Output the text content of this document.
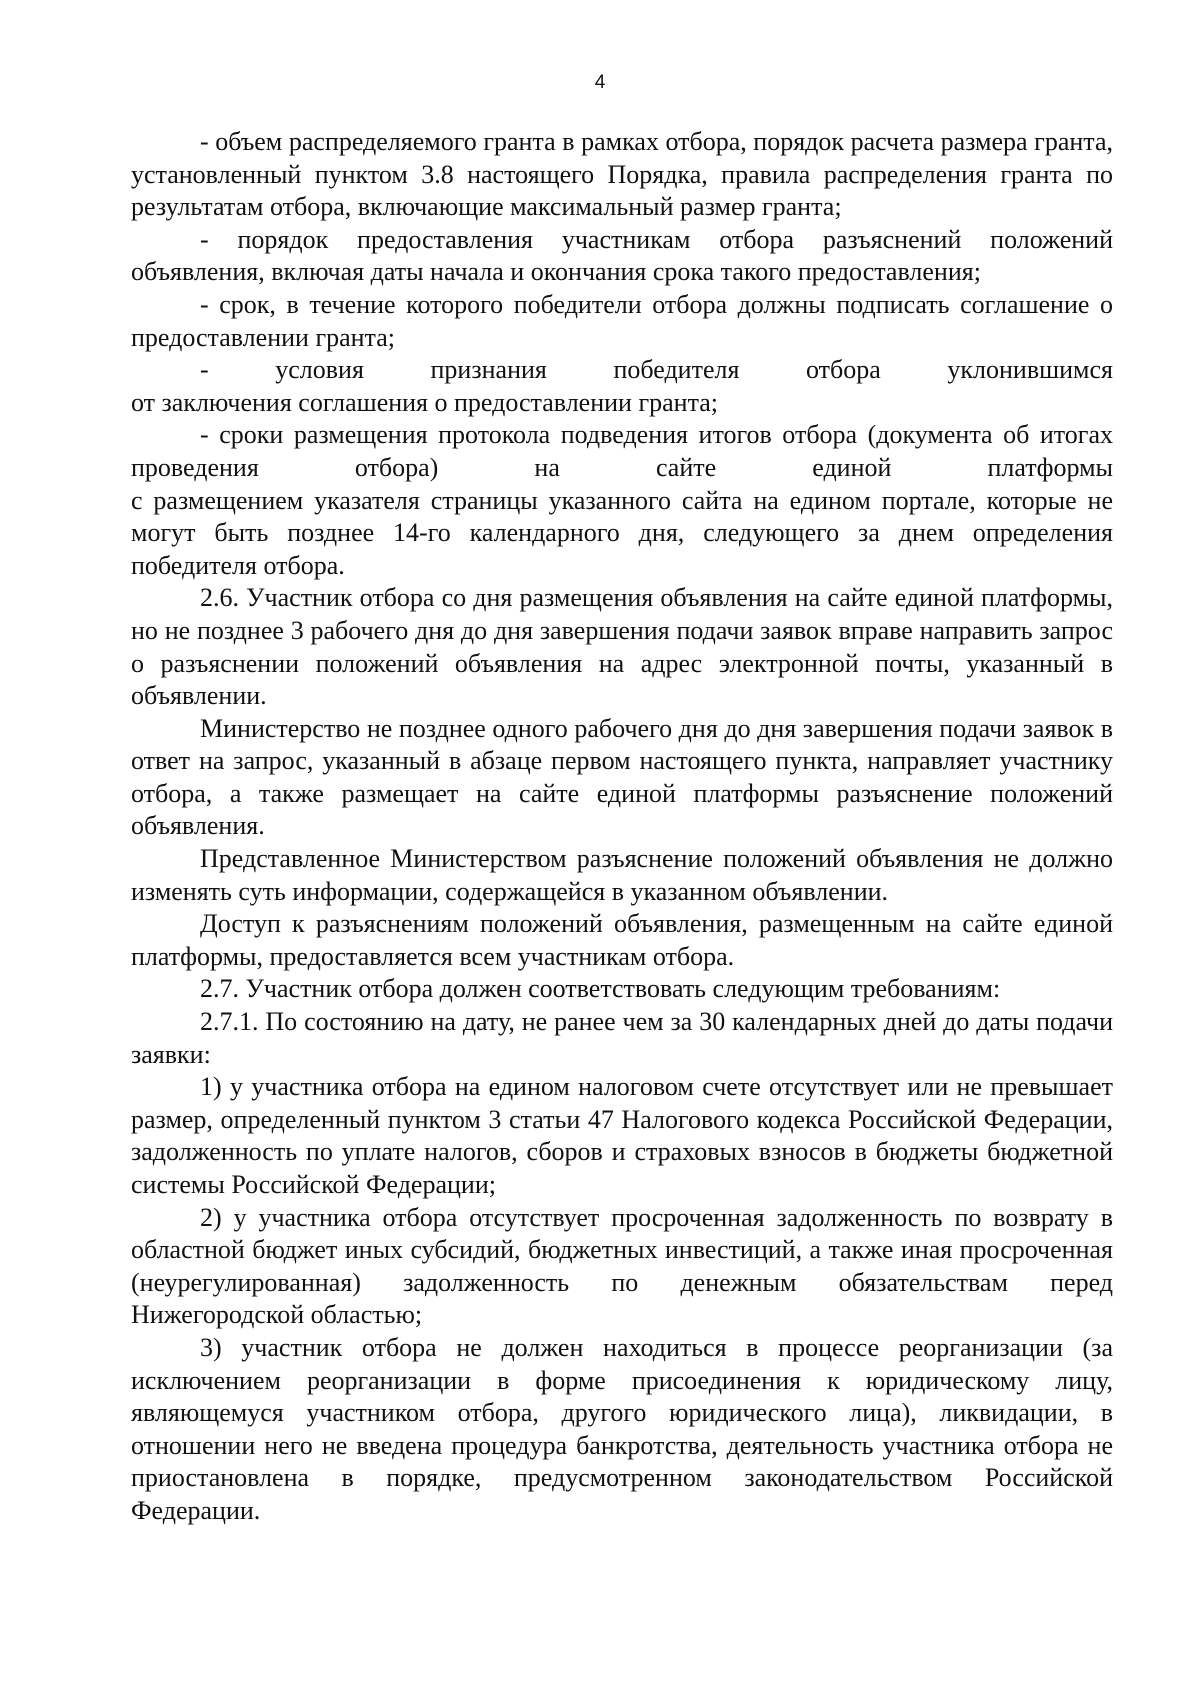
4

- объем распределяемого гранта в рамках отбора, порядок расчета размера гранта, установленный пунктом 3.8 настоящего Порядка, правила распределения гранта по результатам отбора, включающие максимальный размер гранта;

- порядок предоставления участникам отбора разъяснений положений объявления, включая даты начала и окончания срока такого предоставления;

- срок, в течение которого победители отбора должны подписать соглашение о предоставлении гранта;

- условия признания победителя отбора уклонившимся

от заключения соглашения о предоставлении гранта;

- сроки размещения протокола подведения итогов отбора (документа об итогах проведения отбора) на сайте единой платформы

с размещением указателя страницы указанного сайта на едином портале, которые не могут быть позднее 14-го календарного дня, следующего за днем определения победителя отбора.

2.6. Участник отбора со дня размещения объявления на сайте единой платформы, но не позднее 3 рабочего дня до дня завершения подачи заявок вправе направить запрос о разъяснении положений объявления на адрес электронной почты, указанный в объявлении.

Министерство не позднее одного рабочего дня до дня завершения подачи заявок в ответ на запрос, указанный в абзаце первом настоящего пункта, направляет участнику отбора, а также размещает на сайте единой платформы разъяснение положений объявления.

Представленное Министерством разъяснение положений объявления не должно изменять суть информации, содержащейся в указанном объявлении.

Доступ к разъяснениям положений объявления, размещенным на сайте единой платформы, предоставляется всем участникам отбора.

2.7. Участник отбора должен соответствовать следующим требованиям:

2.7.1. По состоянию на дату, не ранее чем за 30 календарных дней до даты подачи заявки:

1) у участника отбора на едином налоговом счете отсутствует или не превышает размер, определенный пунктом 3 статьи 47 Налогового кодекса Российской Федерации, задолженность по уплате налогов, сборов и страховых взносов в бюджеты бюджетной системы Российской Федерации;

2) у участника отбора отсутствует просроченная задолженность по возврату в областной бюджет иных субсидий, бюджетных инвестиций, а также иная просроченная (неурегулированная) задолженность по денежным обязательствам перед Нижегородской областью;

3) участник отбора не должен находиться в процессе реорганизации (за исключением реорганизации в форме присоединения к юридическому лицу, являющемуся участником отбора, другого юридического лица), ликвидации, в отношении него не введена процедура банкротства, деятельность участника отбора не приостановлена в порядке, предусмотренном законодательством Российской Федерации.
